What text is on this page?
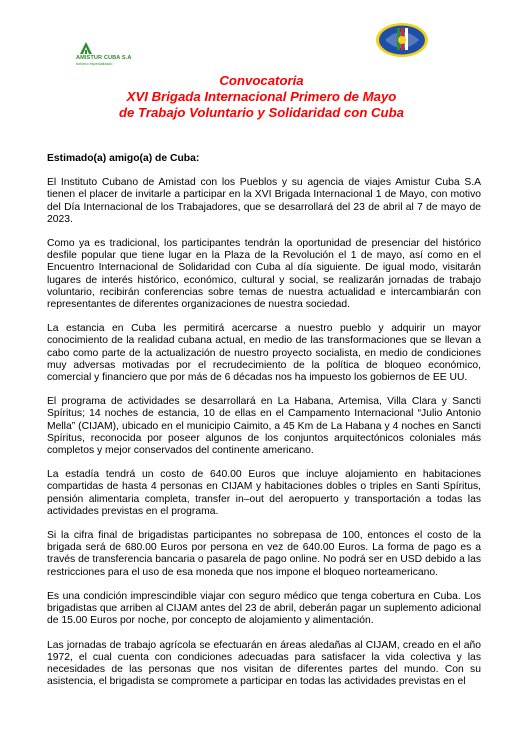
AMISTUR CUBA S.A
turismo especializado
Convocatoria
XVI Brigada Internacional Primero de Mayo
de Trabajo Voluntario y Solidaridad con Cuba

Estimado(a) amigo(a) de Cuba:

El Instituto Cubano de Amistad con los Pueblos y su agencia de viajes Amistur Cuba S.A tienen el placer de invitarle a participar en la XVI Brigada Internacional 1 de Mayo, con motivo del Día Internacional de los Trabajadores, que se desarrollará del 23 de abril al 7 de mayo de 2023.

Como ya es tradicional, los participantes tendrán la oportunidad de presenciar del histórico desfile popular que tiene lugar en la Plaza de la Revolución el 1 de mayo, así como en el Encuentro Internacional de Solidaridad con Cuba al día siguiente. De igual modo, visitarán lugares de interés histórico, económico, cultural y social, se realizarán jornadas de trabajo voluntario, recibirán conferencias sobre temas de nuestra actualidad e intercambiarán con representantes de diferentes organizaciones de nuestra sociedad.

La estancia en Cuba les permitirá acercarse a nuestro pueblo y adquirir un mayor conocimiento de la realidad cubana actual, en medio de las transformaciones que se llevan a cabo como parte de la actualización de nuestro proyecto socialista, en medio de condiciones muy adversas motivadas por el recrudecimiento de la política de bloqueo económico, comercial y financiero que por más de 6 décadas nos ha impuesto los gobiernos de EE UU.

El programa de actividades se desarrollará en La Habana, Artemisa, Villa Clara y Sancti Spíritus; 14 noches de estancia, 10 de ellas en el Campamento Internacional “Julio Antonio Mella” (CIJAM), ubicado en el municipio Caimito, a 45 Km de La Habana y 4 noches en Sancti Spíritus, reconocida por poseer algunos de los conjuntos arquitectónicos coloniales más completos y mejor conservados del continente americano.

La estadía tendrá un costo de 640.00 Euros que incluye alojamiento en habitaciones compartidas de hasta 4 personas en CIJAM y habitaciones dobles o triples en Santi Spíritus, pensión alimentaria completa, transfer in–out del aeropuerto y transportación a todas las actividades previstas en el programa.

Si la cifra final de brigadistas participantes no sobrepasa de 100, entonces el costo de la brigada será de 680.00 Euros por persona en vez de 640.00 Euros. La forma de pago es a través de transferencia bancaria o pasarela de pago online. No podrá ser en USD debido a las restricciones para el uso de esa moneda que nos impone el bloqueo norteamericano.

Es una condición imprescindible viajar con seguro médico que tenga cobertura en Cuba. Los brigadistas que arriben al CIJAM antes del 23 de abril, deberán pagar un suplemento adicional de 15.00 Euros por noche, por concepto de alojamiento y alimentación.

Las jornadas de trabajo agrícola se efectuarán en áreas aledañas al CIJAM, creado en el año 1972, el cual cuenta con condiciones adecuadas para satisfacer la vida colectiva y las necesidades de las personas que nos visitan de diferentes partes del mundo. Con su asistencia, el brigadista se compromete a participar en todas las actividades previstas en el
